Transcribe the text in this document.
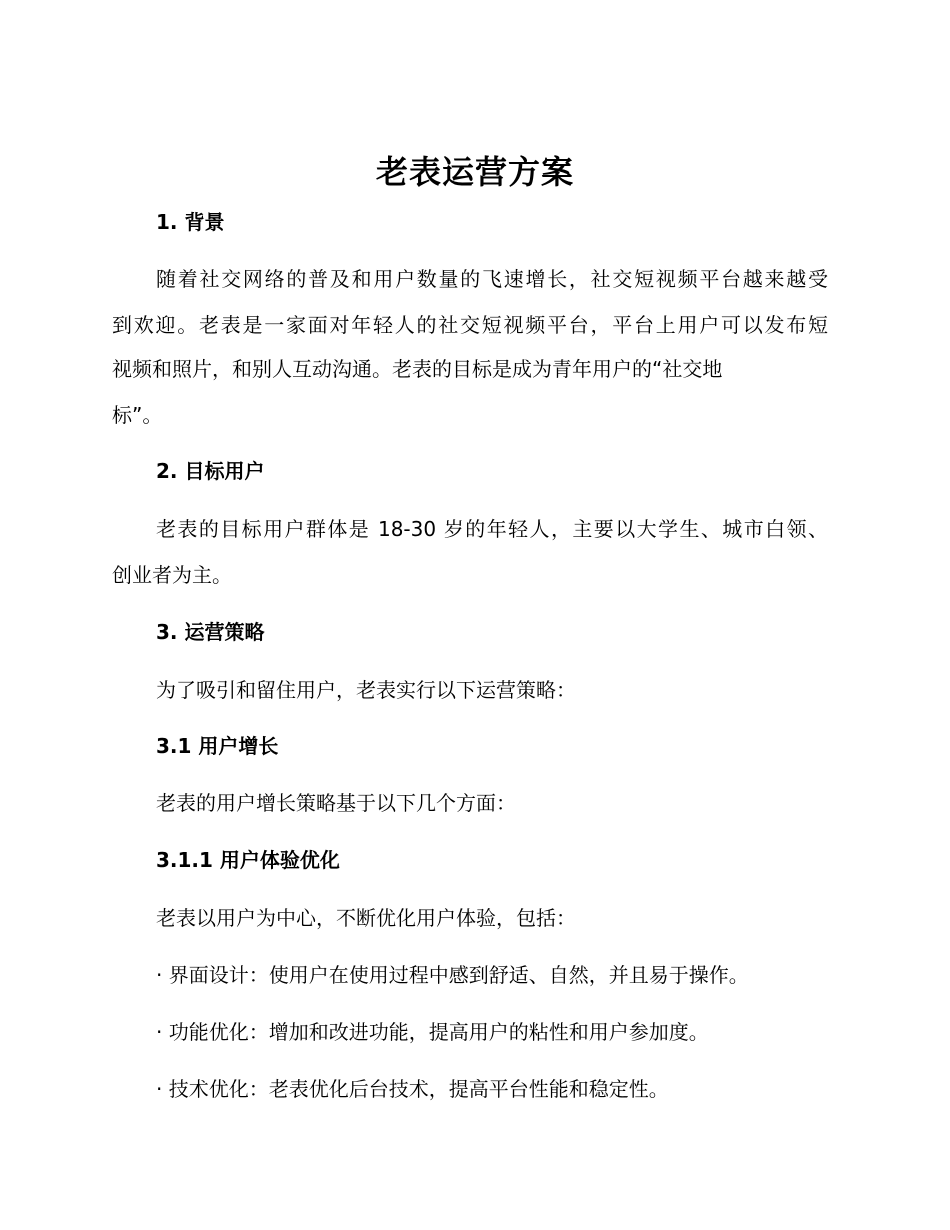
老表运营方案
1. 背景
随着社交网络的普及和用户数量的飞速增长，社交短视频平台越来越受
到欢迎。老表是一家面对年轻人的社交短视频平台，平台上用户可以发布短
视频和照片，和别人互动沟通。老表的目标是成为青年用户的“社交地
标”。
2. 目标用户
老表的目标用户群体是 18-30 岁的年轻人，主要以大学生、城市白领、
创业者为主。
3. 运营策略
为了吸引和留住用户，老表实行以下运营策略：
3.1 用户增长
老表的用户增长策略基于以下几个方面：
3.1.1 用户体验优化
老表以用户为中心，不断优化用户体验，包括：
· 界面设计：使用户在使用过程中感到舒适、自然，并且易于操作。
· 功能优化：增加和改进功能，提高用户的粘性和用户参加度。
· 技术优化：老表优化后台技术，提高平台性能和稳定性。
